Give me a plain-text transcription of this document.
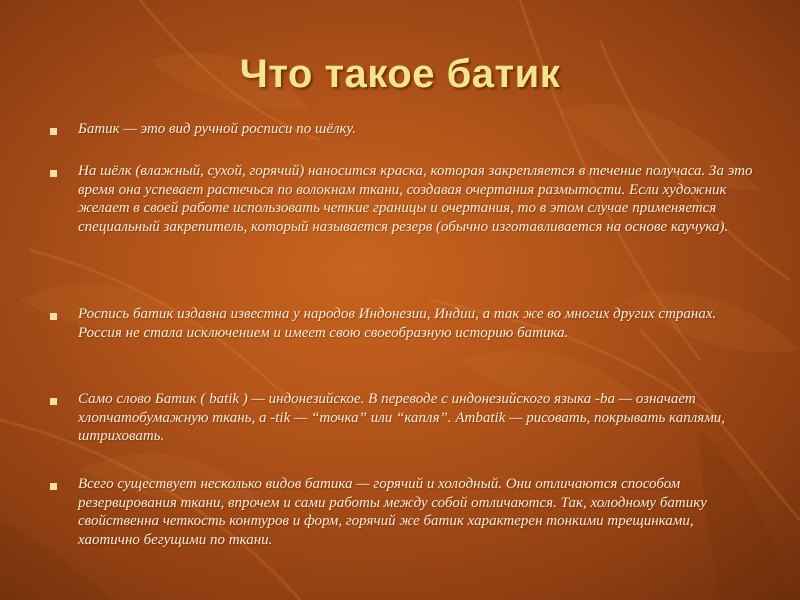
Что такое батик
Батик — это вид ручной росписи по шёлку.
На шёлк (влажный, сухой, горячий) наносится краска, которая закрепляется в течение получаса. За это время она успевает растечься по волокнам ткани, создавая очертания размытости. Если художник желает в своей работе использовать четкие границы и очертания, то в этом случае применяется специальный закрепитель, который называется резерв (обычно изготавливается на основе каучука).
Роспись батик издавна известна у народов Индонезии, Индии, а так же во многих других странах. Россия не стала исключением и имеет свою своеобразную историю батика.
Само слово Батик ( batik ) — индонезийское. В переводе с индонезийского языка -ba — означает хлопчатобумажную ткань, а -tik — “точка” или “капля”. Ambatik — рисовать, покрывать каплями, штриховать.
Всего существует несколько видов батика — горячий и холодный. Они отличаются способом резервирования ткани, впрочем и сами работы между собой отличаются. Так, холодному батику свойственна четкость контуров и форм, горячий же батик характерен тонкими трещинками, хаотично бегущими по ткани.
